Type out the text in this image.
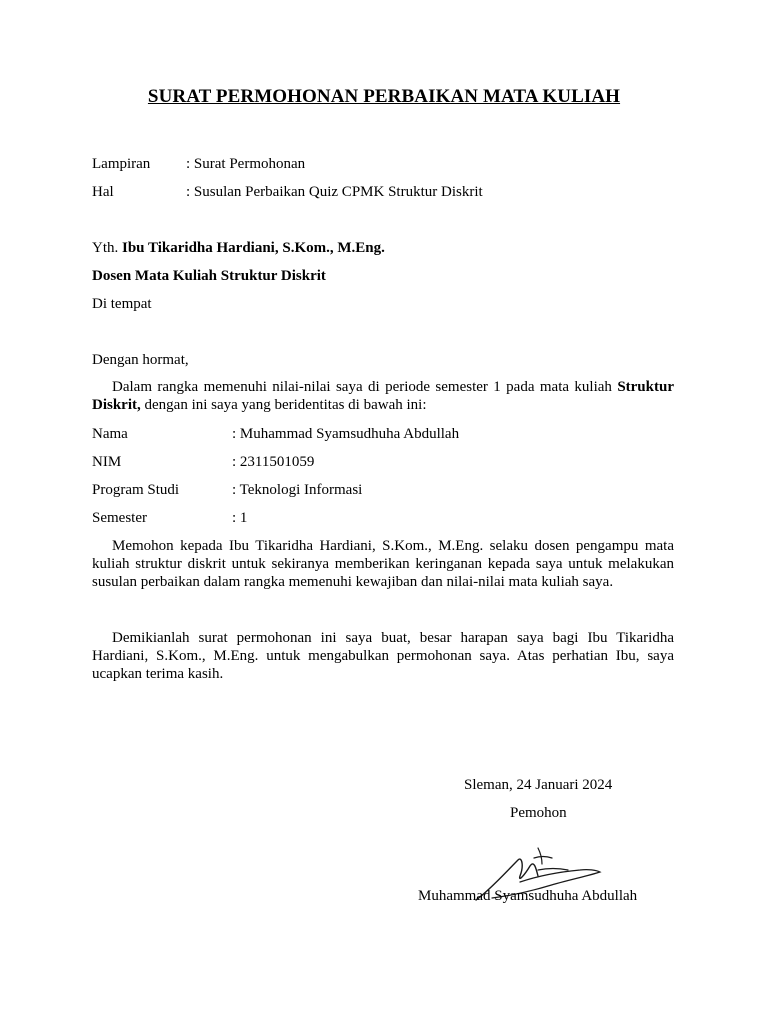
SURAT PERMOHONAN PERBAIKAN MATA KULIAH
Lampiran : Surat Permohonan
Hal	: Susulan Perbaikan Quiz CPMK Struktur Diskrit
Yth. Ibu Tikaridha Hardiani, S.Kom., M.Eng.
Dosen Mata Kuliah Struktur Diskrit
Di tempat
Dengan hormat,
Dalam rangka memenuhi nilai-nilai saya di periode semester 1 pada mata kuliah Struktur Diskrit, dengan ini saya yang beridentitas di bawah ini:
Nama	: Muhammad Syamsudhuha Abdullah
NIM	: 2311501059
Program Studi	: Teknologi Informasi
Semester	: 1
Memohon kepada Ibu Tikaridha Hardiani, S.Kom., M.Eng. selaku dosen pengampu mata kuliah struktur diskrit untuk sekiranya memberikan keringanan kepada saya untuk melakukan susulan perbaikan dalam rangka memenuhi kewajiban dan nilai-nilai mata kuliah saya.
Demikianlah surat permohonan ini saya buat, besar harapan saya bagi Ibu Tikaridha Hardiani, S.Kom., M.Eng. untuk mengabulkan permohonan saya. Atas perhatian Ibu, saya ucapkan terima kasih.
Sleman, 24 Januari 2024
Pemohon
Muhammad Syamsudhuha Abdullah
